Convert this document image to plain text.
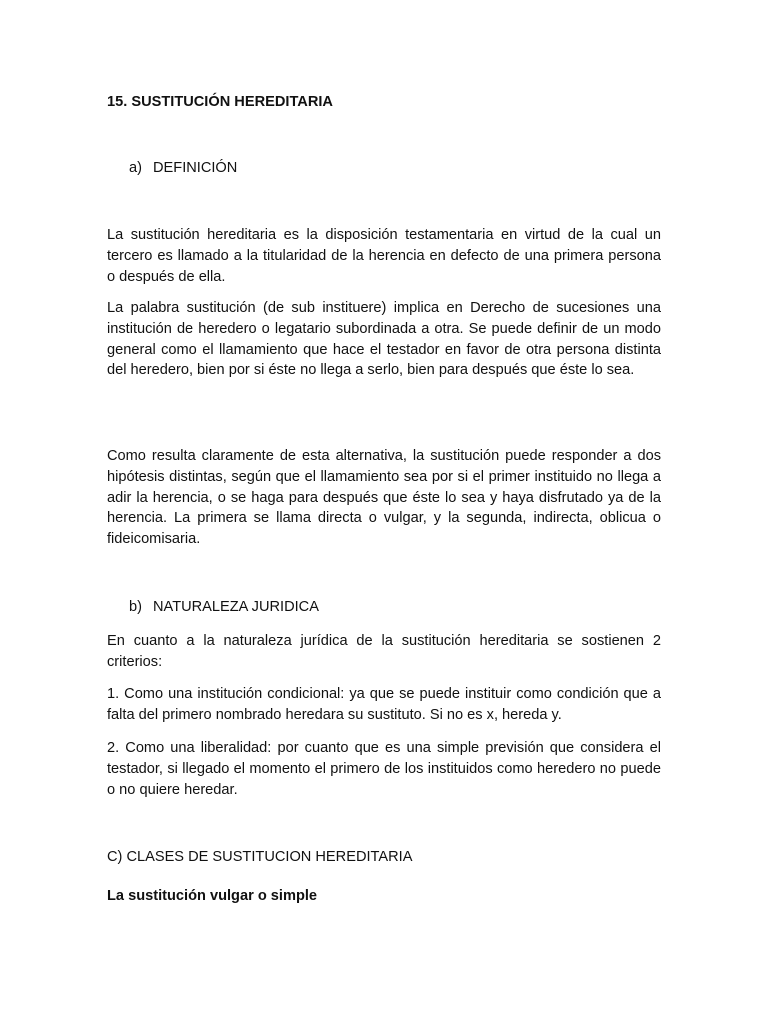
15. SUSTITUCIÓN HEREDITARIA
a) DEFINICIÓN
La sustitución hereditaria es la disposición testamentaria en virtud de la cual un tercero es llamado a la titularidad de la herencia en defecto de una primera persona o después de ella.
La palabra sustitución (de sub instituere) implica en Derecho de sucesiones una institución de heredero o legatario subordinada a otra. Se puede definir de un modo general como el llamamiento que hace el testador en favor de otra persona distinta del heredero, bien por si éste no llega a serlo, bien para después que éste lo sea.
Como resulta claramente de esta alternativa, la sustitución puede responder a dos hipótesis distintas, según que el llamamiento sea por si el primer instituido no llega a adir la herencia, o se haga para después que éste lo sea y haya disfrutado ya de la herencia. La primera se llama directa o vulgar, y la segunda, indirecta, oblicua o fideicomisaria.
b) NATURALEZA JURIDICA
En cuanto a la naturaleza jurídica de la sustitución hereditaria se sostienen 2 criterios:
1. Como una institución condicional: ya que se puede instituir como condición que a falta del primero nombrado heredara su sustituto. Si no es x, hereda y.
2. Como una liberalidad: por cuanto que es una simple previsión que considera el testador, si llegado el momento el primero de los instituidos como heredero no puede o no quiere heredar.
C) CLASES DE SUSTITUCION HEREDITARIA
La sustitución vulgar o simple
